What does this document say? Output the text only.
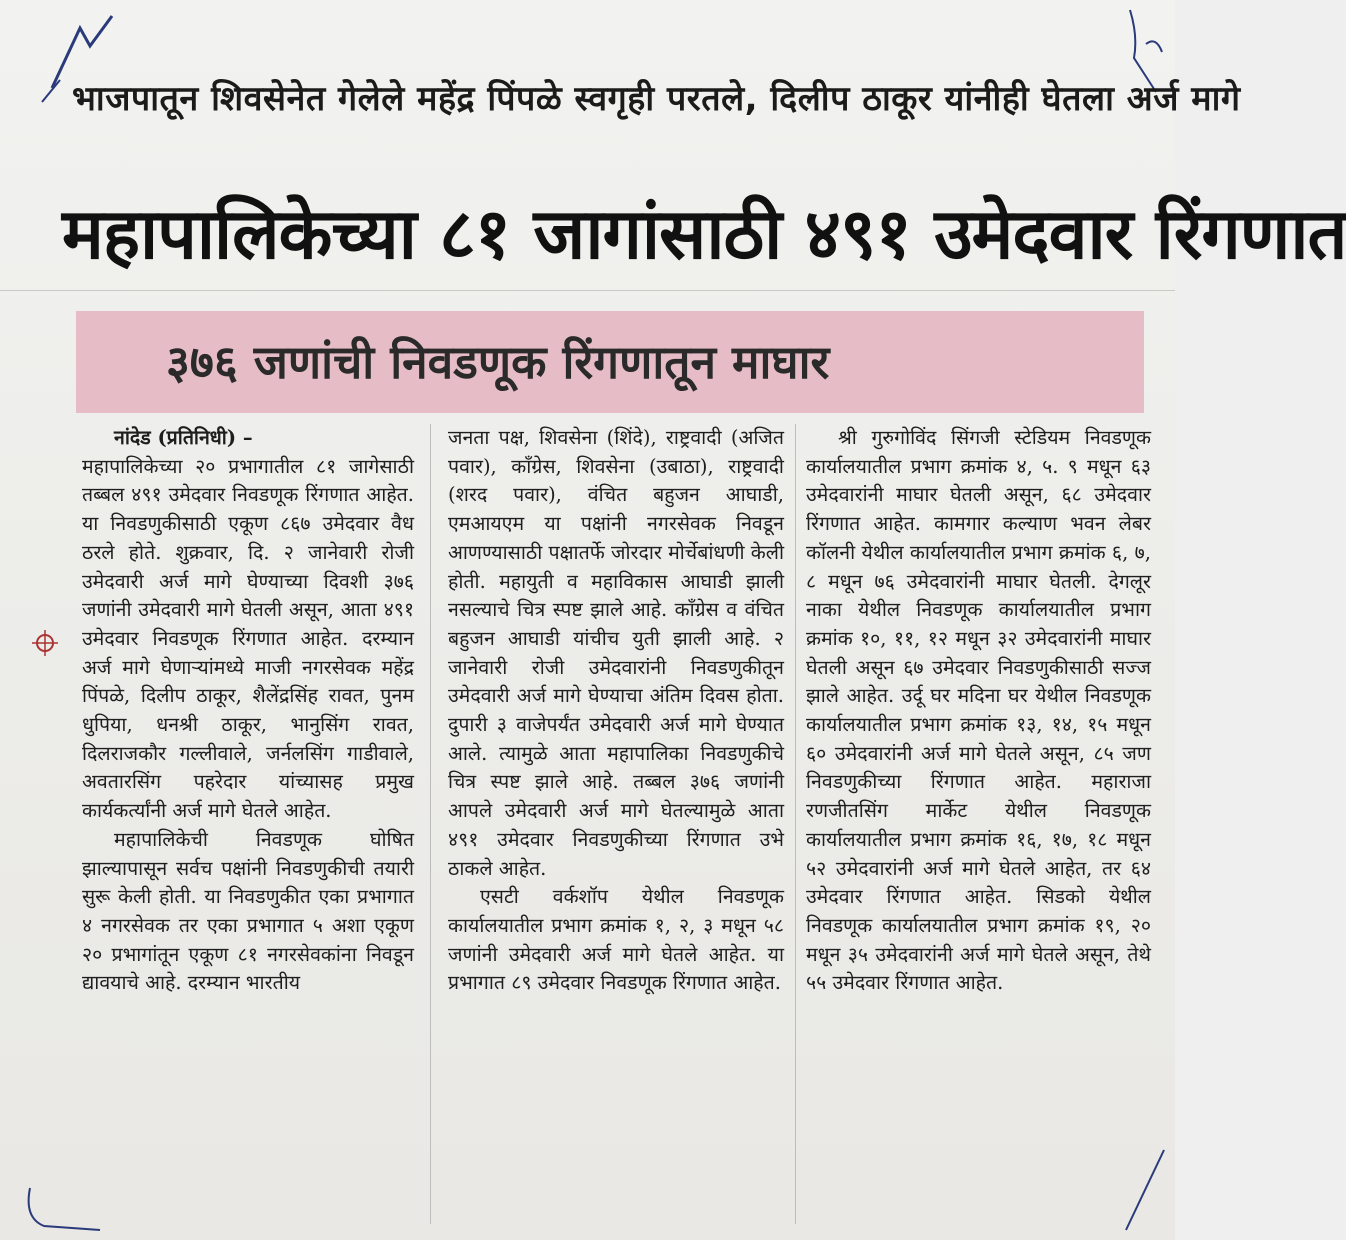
भाजपातून शिवसेनेत गेलेले महेंद्र पिंपळे स्वगृही परतले, दिलीप ठाकूर यांनीही घेतला अर्ज मागे
महापालिकेच्या ८१ जागांसाठी ४९१ उमेदवार रिंगणात
३७६ जणांची निवडणूक रिंगणातून माघार

नांदेड (प्रतिनिधी) –

महापालिकेच्या २० प्रभागातील ८१ जागेसाठी तब्बल ४९१ उमेदवार निवडणूक रिंगणात आहेत. या निवडणुकीसाठी एकूण ८६७ उमेदवार वैध ठरले होते. शुक्रवार, दि. २ जानेवारी रोजी उमेदवारी अर्ज मागे घेण्याच्या दिवशी ३७६ जणांनी उमेदवारी मागे घेतली असून, आता ४९१ उमेदवार निवडणूक रिंगणात आहेत. दरम्यान अर्ज मागे घेणाऱ्यांमध्ये माजी नगरसेवक महेंद्र पिंपळे, दिलीप ठाकूर, शैलेंद्रसिंह रावत, पुनम धुपिया, धनश्री ठाकूर, भानुसिंग रावत, दिलराजकौर गल्लीवाले, जर्नलसिंग गाडीवाले, अवतारसिंग पहरेदार यांच्यासह प्रमुख कार्यकर्त्यांनी अर्ज मागे घेतले आहेत.

महापालिकेची निवडणूक घोषित झाल्यापासून सर्वच पक्षांनी निवडणुकीची तयारी सुरू केली होती. या निवडणुकीत एका प्रभागात ४ नगरसेवक तर एका प्रभागात ५ अशा एकूण २० प्रभागांतून एकूण ८१ नगरसेवकांना निवडून द्यावयाचे आहे. दरम्यान भारतीय

जनता पक्ष, शिवसेना (शिंदे), राष्ट्रवादी (अजित पवार), काँग्रेस, शिवसेना (उबाठा), राष्ट्रवादी (शरद पवार), वंचित बहुजन आघाडी, एमआयएम या पक्षांनी नगरसेवक निवडून आणण्यासाठी पक्षातर्फे जोरदार मोर्चेबांधणी केली होती. महायुती व महाविकास आघाडी झाली नसल्याचे चित्र स्पष्ट झाले आहे. काँग्रेस व वंचित बहुजन आघाडी यांचीच युती झाली आहे. २ जानेवारी रोजी उमेदवारांनी निवडणुकीतून उमेदवारी अर्ज मागे घेण्याचा अंतिम दिवस होता. दुपारी ३ वाजेपर्यंत उमेदवारी अर्ज मागे घेण्यात आले. त्यामुळे आता महापालिका निवडणुकीचे चित्र स्पष्ट झाले आहे. तब्बल ३७६ जणांनी आपले उमेदवारी अर्ज मागे घेतल्यामुळे आता ४९१ उमेदवार निवडणुकीच्या रिंगणात उभे ठाकले आहेत.

एसटी वर्कशॉप येथील निवडणूक कार्यालयातील प्रभाग क्रमांक १, २, ३ मधून ५८ जणांनी उमेदवारी अर्ज मागे घेतले आहेत. या प्रभागात ८९ उमेदवार निवडणूक रिंगणात आहेत.

श्री गुरुगोविंद सिंगजी स्टेडियम निवडणूक कार्यालयातील प्रभाग क्रमांक ४, ५. ९ मधून ६३ उमेदवारांनी माघार घेतली असून, ६८ उमेदवार रिंगणात आहेत. कामगार कल्याण भवन लेबर कॉलनी येथील कार्यालयातील प्रभाग क्रमांक ६, ७, ८ मधून ७६ उमेदवारांनी माघार घेतली. देगलूर नाका येथील निवडणूक कार्यालयातील प्रभाग क्रमांक १०, ११, १२ मधून ३२ उमेदवारांनी माघार घेतली असून ६७ उमेदवार निवडणुकीसाठी सज्ज झाले आहेत. उर्दू घर मदिना घर येथील निवडणूक कार्यालयातील प्रभाग क्रमांक १३, १४, १५ मधून ६० उमेदवारांनी अर्ज मागे घेतले असून, ८५ जण निवडणुकीच्या रिंगणात आहेत. महाराजा रणजीतसिंग मार्केट येथील निवडणूक कार्यालयातील प्रभाग क्रमांक १६, १७, १८ मधून ५२ उमेदवारांनी अर्ज मागे घेतले आहेत, तर ६४ उमेदवार रिंगणात आहेत. सिडको येथील निवडणूक कार्यालयातील प्रभाग क्रमांक १९, २० मधून ३५ उमेदवारांनी अर्ज मागे घेतले असून, तेथे ५५ उमेदवार रिंगणात आहेत.
